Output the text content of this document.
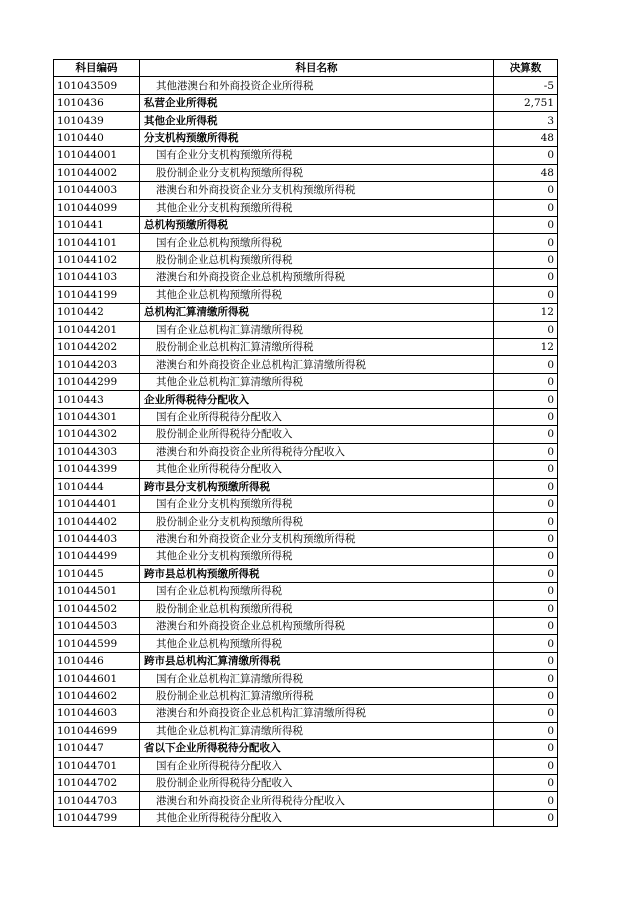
科目编码	科目名称	决算数
101043509	其他港澳台和外商投资企业所得税	-5
1010436	私营企业所得税	2,751
1010439	其他企业所得税	3
1010440	分支机构预缴所得税	48
101044001	国有企业分支机构预缴所得税	0
101044002	股份制企业分支机构预缴所得税	48
101044003	港澳台和外商投资企业分支机构预缴所得税	0
101044099	其他企业分支机构预缴所得税	0
1010441	总机构预缴所得税	0
101044101	国有企业总机构预缴所得税	0
101044102	股份制企业总机构预缴所得税	0
101044103	港澳台和外商投资企业总机构预缴所得税	0
101044199	其他企业总机构预缴所得税	0
1010442	总机构汇算清缴所得税	12
101044201	国有企业总机构汇算清缴所得税	0
101044202	股份制企业总机构汇算清缴所得税	12
101044203	港澳台和外商投资企业总机构汇算清缴所得税	0
101044299	其他企业总机构汇算清缴所得税	0
1010443	企业所得税待分配收入	0
101044301	国有企业所得税待分配收入	0
101044302	股份制企业所得税待分配收入	0
101044303	港澳台和外商投资企业所得税待分配收入	0
101044399	其他企业所得税待分配收入	0
1010444	跨市县分支机构预缴所得税	0
101044401	国有企业分支机构预缴所得税	0
101044402	股份制企业分支机构预缴所得税	0
101044403	港澳台和外商投资企业分支机构预缴所得税	0
101044499	其他企业分支机构预缴所得税	0
1010445	跨市县总机构预缴所得税	0
101044501	国有企业总机构预缴所得税	0
101044502	股份制企业总机构预缴所得税	0
101044503	港澳台和外商投资企业总机构预缴所得税	0
101044599	其他企业总机构预缴所得税	0
1010446	跨市县总机构汇算清缴所得税	0
101044601	国有企业总机构汇算清缴所得税	0
101044602	股份制企业总机构汇算清缴所得税	0
101044603	港澳台和外商投资企业总机构汇算清缴所得税	0
101044699	其他企业总机构汇算清缴所得税	0
1010447	省以下企业所得税待分配收入	0
101044701	国有企业所得税待分配收入	0
101044702	股份制企业所得税待分配收入	0
101044703	港澳台和外商投资企业所得税待分配收入	0
101044799	其他企业所得税待分配收入	0
